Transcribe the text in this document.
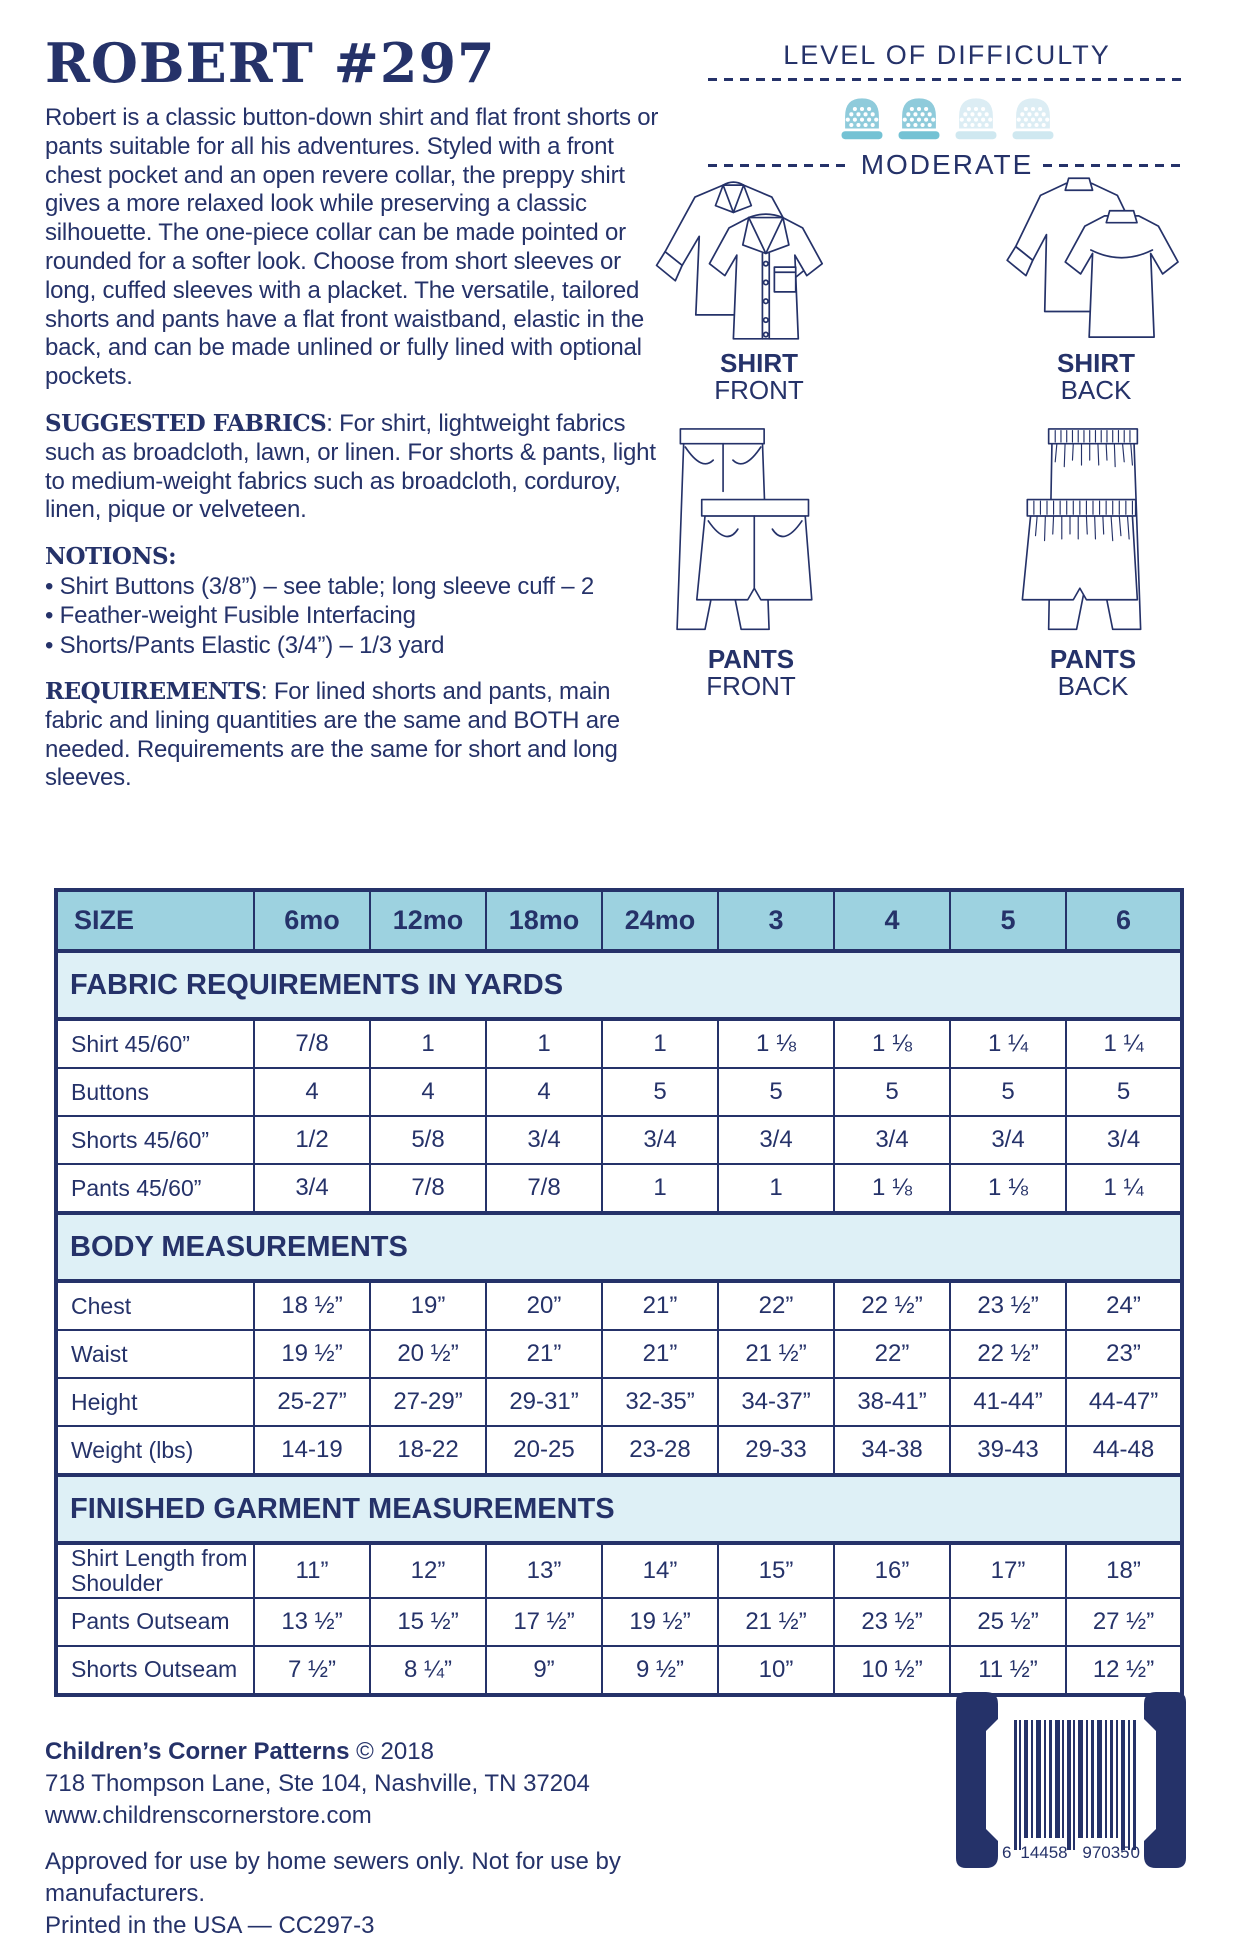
ROBERT #297

Robert is a classic button-down shirt and flat front shorts or pants suitable for all his adventures. Styled with a front chest pocket and an open revere collar, the preppy shirt gives a more relaxed look while preserving a classic silhouette. The one-piece collar can be made pointed or rounded for a softer look. Choose from short sleeves or long, cuffed sleeves with a placket. The versatile, tailored shorts and pants have a flat front waistband, elastic in the back, and can be made unlined or fully lined with optional pockets.

SUGGESTED FABRICS: For shirt, lightweight fabrics such as broadcloth, lawn, or linen. For shorts & pants, light to medium-weight fabrics such as broadcloth, corduroy, linen, pique or velveteen.

NOTIONS:
• Shirt Buttons (3/8”) – see table; long sleeve cuff – 2
• Feather-weight Fusible Interfacing
• Shorts/Pants Elastic (3/4”) – 1/3 yard

REQUIREMENTS: For lined shorts and pants, main fabric and lining quantities are the same and BOTH are needed. Requirements are the same for short and long sleeves.

LEVEL OF DIFFICULTY
MODERATE
SHIRT
FRONT
SHIRT
BACK
PANTS
FRONT
PANTS
BACK
SIZE	6mo	12mo	18mo	24mo	3	4	5	6
FABRIC REQUIREMENTS IN YARDS								
Shirt 45/60”	7/8	1	1	1	1 ⅛	1 ⅛	1 ¼	1 ¼
Buttons	4	4	4	5	5	5	5	5
Shorts 45/60”	1/2	5/8	3/4	3/4	3/4	3/4	3/4	3/4
Pants 45/60”	3/4	7/8	7/8	1	1	1 ⅛	1 ⅛	1 ¼
BODY MEASUREMENTS								
Chest	18 ½”	19”	20”	21”	22”	22 ½”	23 ½”	24”
Waist	19 ½”	20 ½”	21”	21”	21 ½”	22”	22 ½”	23”
Height	25-27”	27-29”	29-31”	32-35”	34-37”	38-41”	41-44”	44-47”
Weight (lbs)	14-19	18-22	20-25	23-28	29-33	34-38	39-43	44-48
FINISHED GARMENT MEASUREMENTS								
Shirt Length from Shoulder	11”	12”	13”	14”	15”	16”	17”	18”
Pants Outseam	13 ½”	15 ½”	17 ½”	19 ½”	21 ½”	23 ½”	25 ½”	27 ½”
Shorts Outseam	7 ½”	8 ¼”	9”	9 ½”	10”	10 ½”	11 ½”	12 ½”
Children’s Corner Patterns © 2018
718 Thompson Lane, Ste 104, Nashville, TN 37204
www.childrenscornerstore.com
Approved for use by home sewers only. Not for use by manufacturers.
Printed in the USA — CC297-3
6 14458 97035 0
